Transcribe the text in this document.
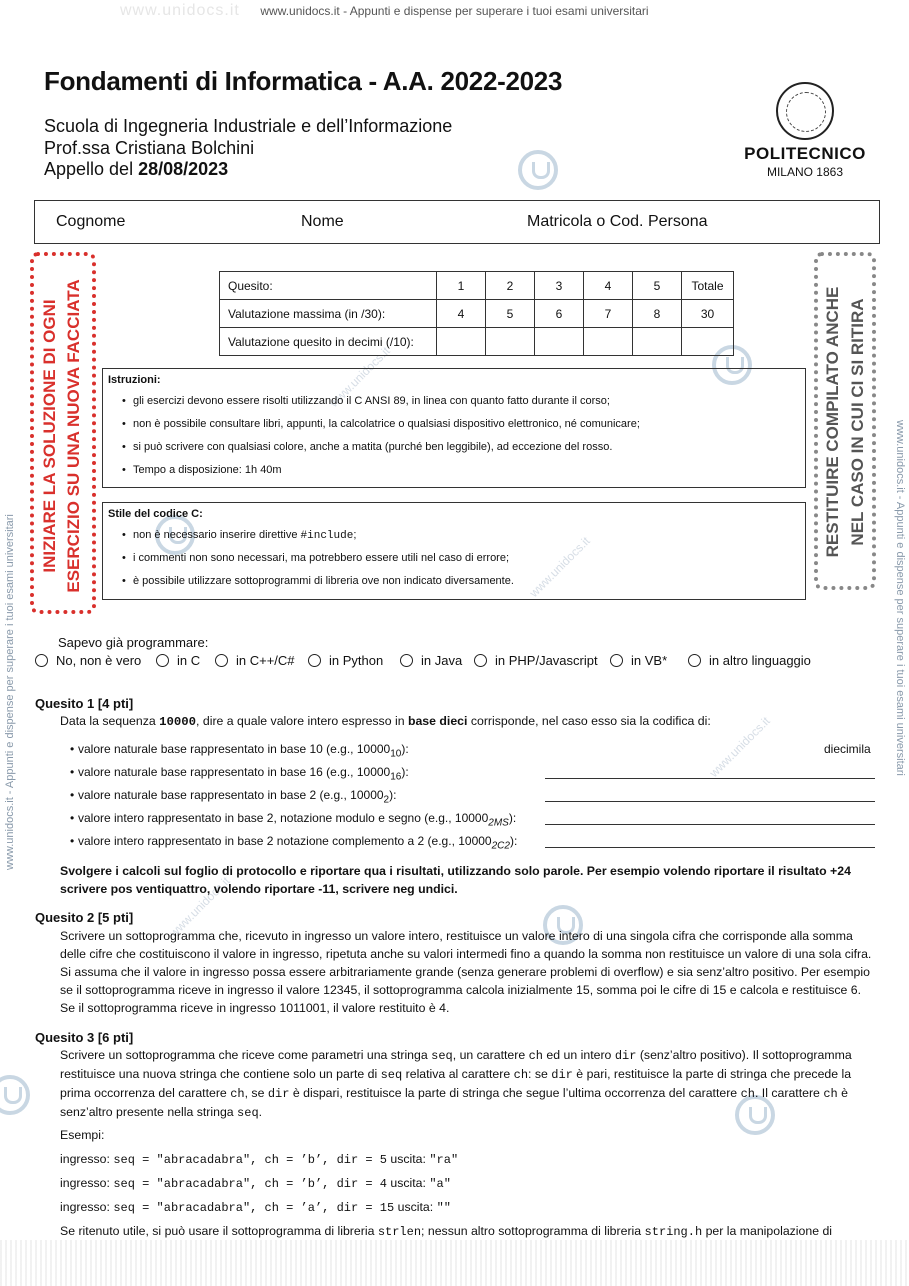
www.unidocs.it	www.unidocs.it - Appunti e dispense per superare i tuoi esami universitari
www.unidocs.it - Appunti e dispense per superare i tuoi esami universitari	www.unidocs.it - Appunti e dispense per superare i tuoi esami universitari
www.unidocs.it
www.unidocs.it
www.unidocs.it
www.unidocs.it
Fondamenti di Informatica - A.A. 2022-2023
Scuola di Ingegneria Industriale e dell’Informazione
Prof.ssa Cristiana Bolchini
Appello del 28/08/2023
POLITECNICO
MILANO 1863
Cognome	Nome	Matricola o Cod. Persona
INIZIARE LA SOLUZIONE DI OGNI ESERCIZIO SU UNA NUOVA FACCIATA	RESTITUIRE COMPILATO ANCHE NEL CASO IN CUI CI SI RITIRA
Quesito:	1	2	3	4	5	Totale
Valutazione massima (in /30):	4	5	6	7	8	30
Valutazione quesito in decimi (/10):						
Istruzioni:
• gli esercizi devono essere risolti utilizzando il C ANSI 89, in linea con quanto fatto durante il corso;
• non è possibile consultare libri, appunti, la calcolatrice o qualsiasi dispositivo elettronico, né comunicare;
• si può scrivere con qualsiasi colore, anche a matita (purché ben leggibile), ad eccezione del rosso.
• Tempo a disposizione: 1h 40m
Stile del codice C:
• non è necessario inserire direttive #include;
• i commenti non sono necessari, ma potrebbero essere utili nel caso di errore;
• è possibile utilizzare sottoprogrammi di libreria ove non indicato diversamente.
Sapevo già programmare:
No, non è vero	in C	in C++/C#	in Python	in Java	in PHP/Javascript	in VB*	in altro linguaggio
Quesito 1 [4 pti]
Data la sequenza 10000, dire a quale valore intero espresso in base dieci corrisponde, nel caso esso sia la codifica di:
• valore naturale base rappresentato in base 10 (e.g., $10000_{10}$):	diecimila
• valore naturale base rappresentato in base 16 (e.g., $10000_{16}$):
• valore naturale base rappresentato in base 2 (e.g., $10000_2$):
• valore intero rappresentato in base 2, notazione modulo e segno (e.g., $10000_{2MS}$):
• valore intero rappresentato in base 2 notazione complemento a 2 (e.g., $10000_{2C2}$):
Svolgere i calcoli sul foglio di protocollo e riportare qua i risultati, utilizzando solo parole. Per esempio volendo riportare il risultato +24 scrivere pos ventiquattro, volendo riportare -11, scrivere neg undici.
Quesito 2 [5 pti]
Scrivere un sottoprogramma che, ricevuto in ingresso un valore intero, restituisce un valore intero di una singola cifra che corrisponde alla somma
delle cifre che costituiscono il valore in ingresso, ripetuta anche su valori intermedi fino a quando la somma non restituisce un valore di una sola cifra.
Si assuma che il valore in ingresso possa essere arbitrariamente grande (senza generare problemi di overflow) e sia senz’altro positivo. Per esempio
se il sottoprogramma riceve in ingresso il valore 12345, il sottoprogramma calcola inizialmente 15, somma poi le cifre di 15 e calcola e restituisce 6.
Se il sottoprogramma riceve in ingresso 1011001, il valore restituito è 4.
Quesito 3 [6 pti]
Scrivere un sottoprogramma che riceve come parametri una stringa seq, un carattere ch ed un intero dir (senz’altro positivo). Il sottoprogramma
restituisce una nuova stringa che contiene solo un parte di seq relativa al carattere ch: se dir è pari, restituisce la parte di stringa che precede la
prima occorrenza del carattere ch, se dir è dispari, restituisce la parte di stringa che segue l’ultima occorrenza del carattere ch. Il carattere ch è
senz’altro presente nella stringa seq.
Esempi:
ingresso: seq = "abracadabra", ch = ’b’, dir = 5 uscita: "ra"
ingresso: seq = "abracadabra", ch = ’b’, dir = 4 uscita: "a"
ingresso: seq = "abracadabra", ch = ’a’, dir = 15 uscita: ""
Se ritenuto utile, si può usare il sottoprogramma di libreria strlen; nessun altro sottoprogramma di libreria string.h per la manipolazione di
